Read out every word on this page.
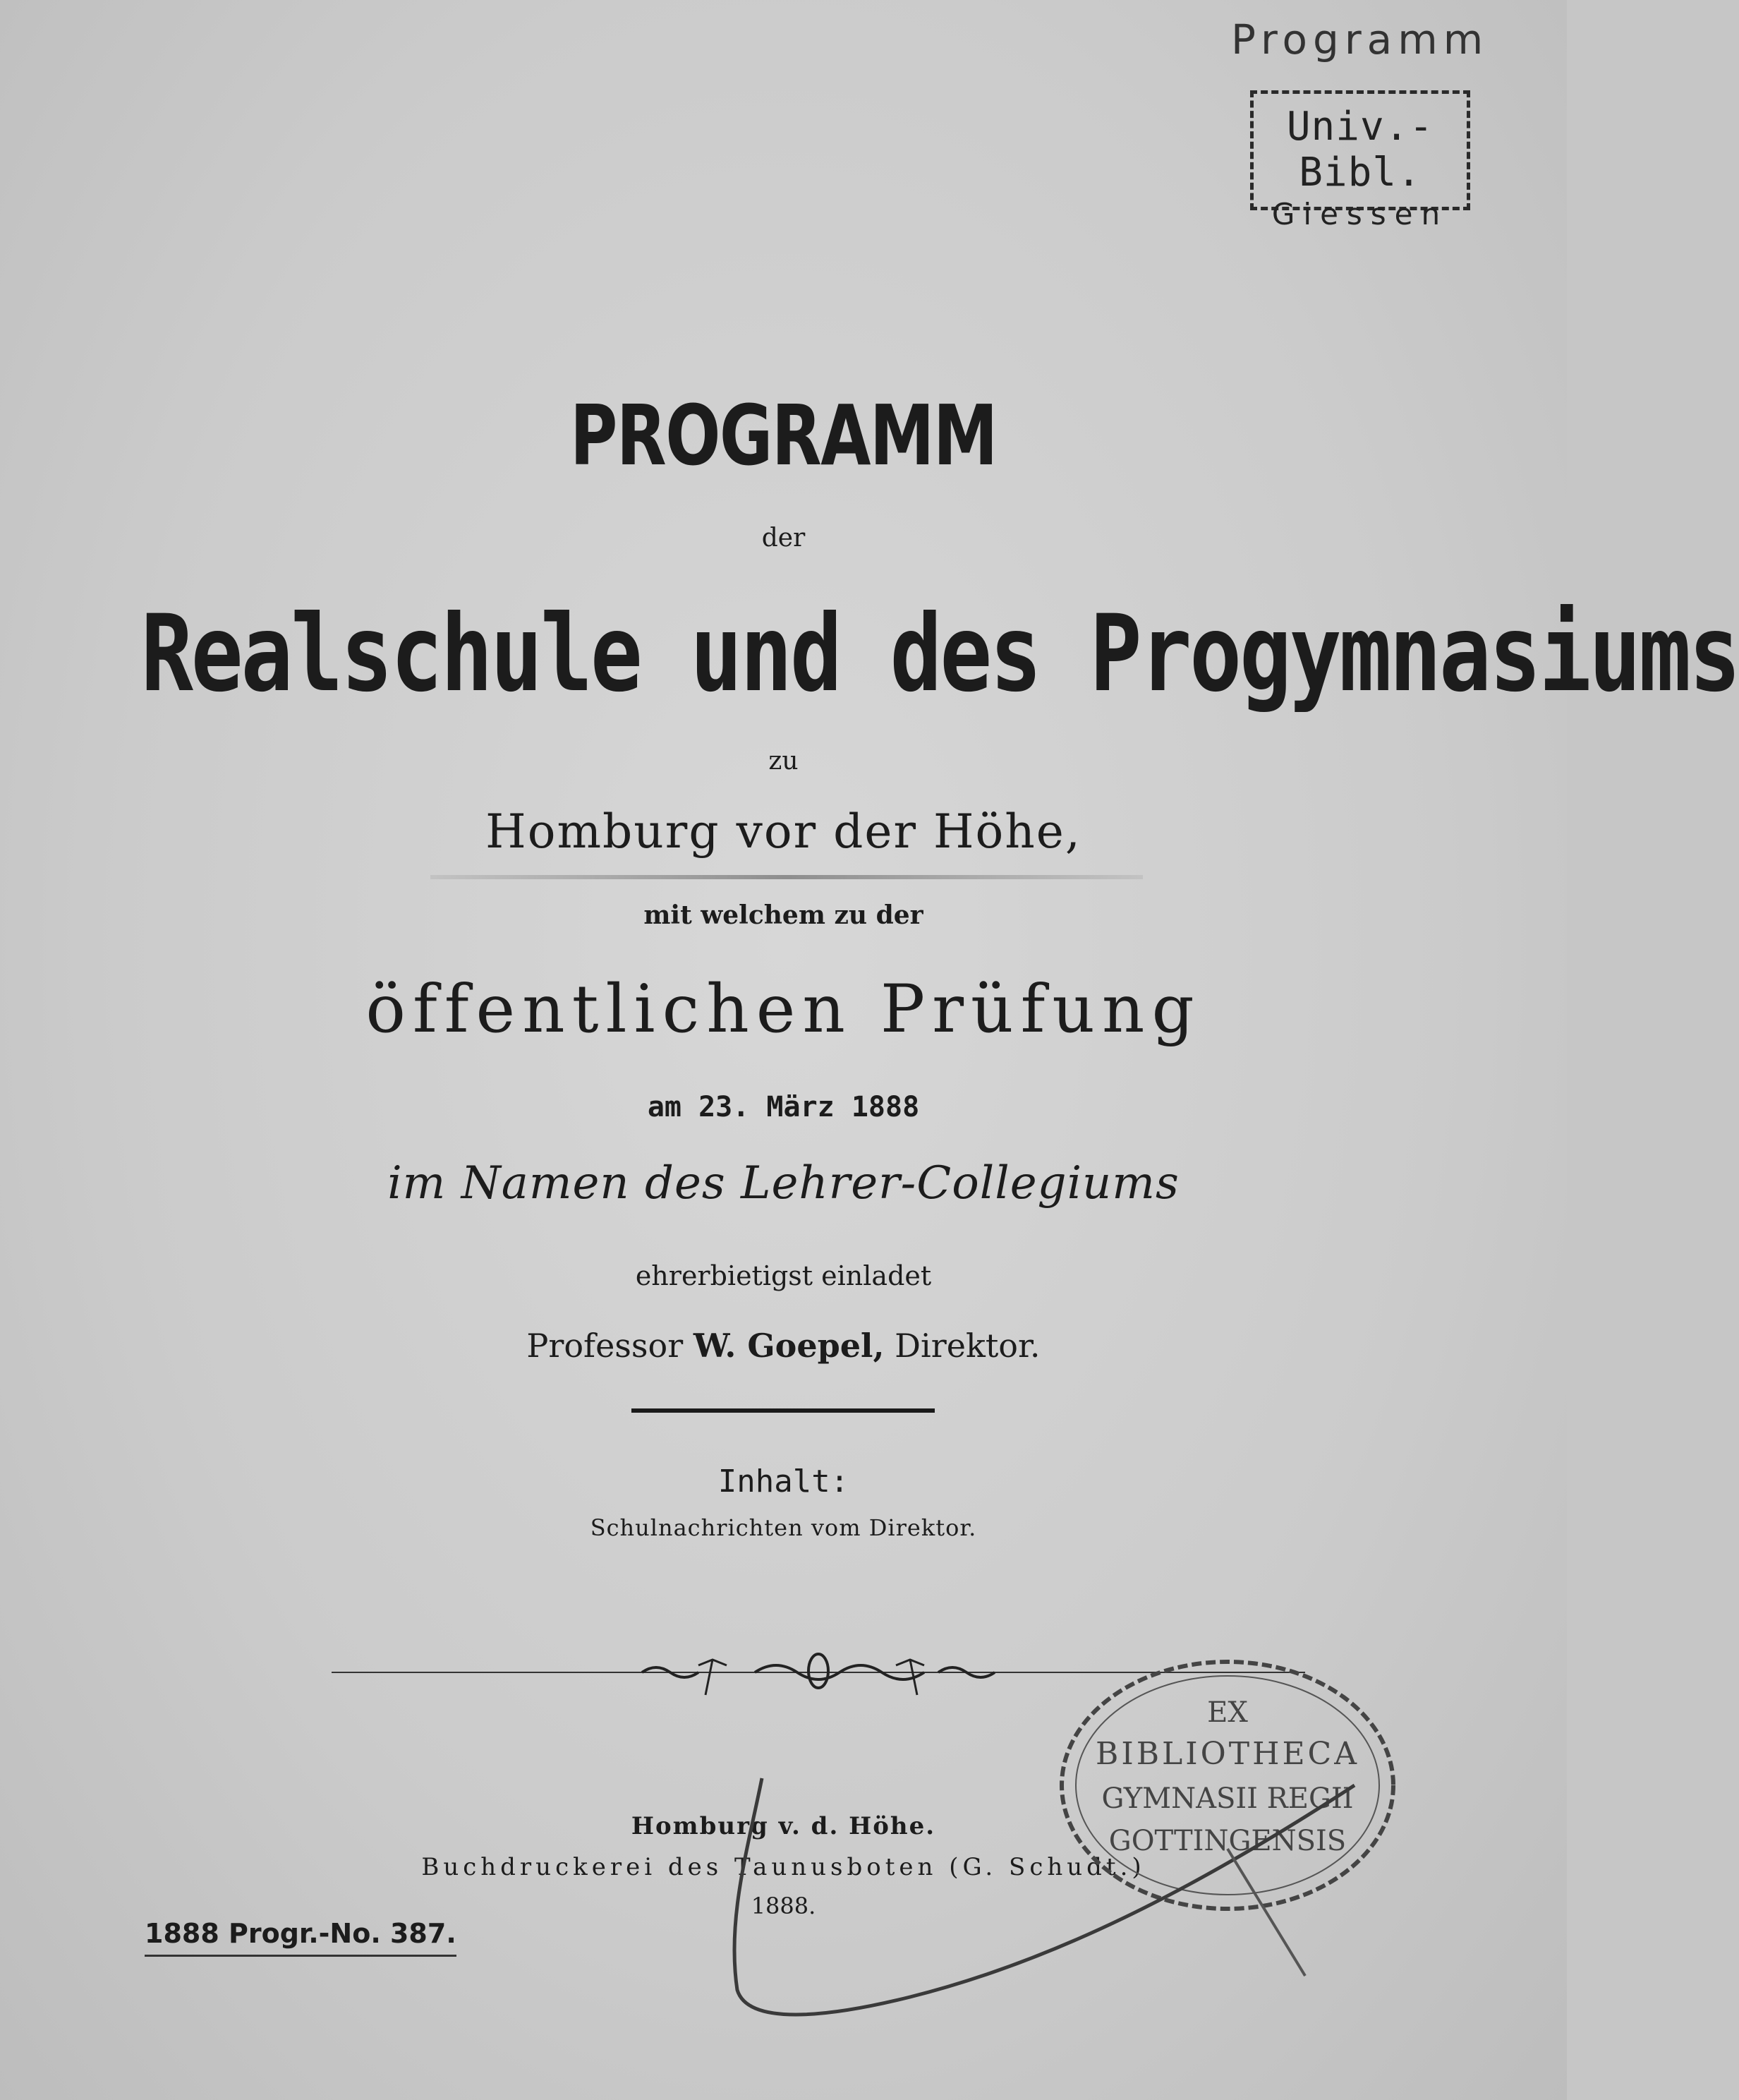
Programm
Univ.-Bibl.
Giessen
PROGRAMM
der
Realschule und des Progymnasiums
zu
Homburg vor der Höhe,
mit welchem zu der
öffentlichen Prüfung
am 23. März 1888
im Namen des Lehrer-Collegiums
ehrerbietigst einladet
Professor W. Goepel, Direktor.
Inhalt:
Schulnachrichten vom Direktor.
Homburg v. d. Höhe.
Buchdruckerei des Taunusboten (G. Schudt.)
1888.
EX
BIBLIOTHECA
GYMNASII REGII
GOTTINGENSIS
1888 Progr.-No. 387.
